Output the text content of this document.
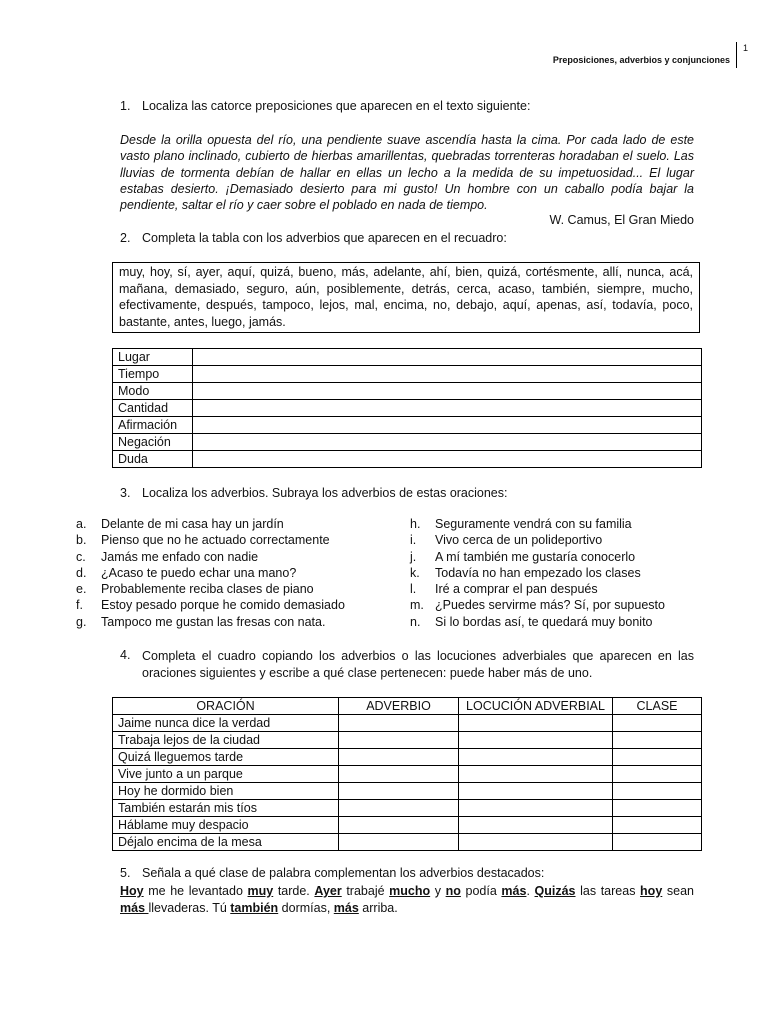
Preposiciones, adverbios y conjunciones
1
1. Localiza las catorce preposiciones que aparecen en el texto siguiente:

Desde la orilla opuesta del río, una pendiente suave ascendía hasta la cima. Por cada lado de este vasto plano inclinado, cubierto de hierbas amarillentas, quebradas torrenteras horadaban el suelo. Las lluvias de tormenta debían de hallar en ellas un lecho a la medida de su impetuosidad... El lugar estabas desierto. ¡Demasiado desierto para mi gusto! Un hombre con un caballo podía bajar la pendiente, saltar el río y caer sobre el poblado en nada de tiempo.

W. Camus, El Gran Miedo
2. Completa la tabla con los adverbios que aparecen en el recuadro:
muy, hoy, sí, ayer, aquí, quizá, bueno, más, adelante, ahí, bien, quizá, cortésmente, allí, nunca, acá, mañana, demasiado, seguro, aún, posiblemente, detrás, cerca, acaso, también, siempre, mucho, efectivamente, después, tampoco, lejos, mal, encima, no, debajo, aquí, apenas, así, todavía, poco, bastante, antes, luego, jamás.
Lugar	
Tiempo	
Modo	
Cantidad	
Afirmación	
Negación	
Duda	
3. Localiza los adverbios. Subraya los adverbios de estas oraciones:
a. Delante de mi casa hay un jardín
b. Pienso que no he actuado correctamente
c. Jamás me enfado con nadie
d. ¿Acaso te puedo echar una mano?
e. Probablemente reciba clases de piano
f. Estoy pesado porque he comido demasiado
g. Tampoco me gustan las fresas con nata.
h. Seguramente vendrá con su familia
i. Vivo cerca de un polideportivo
j. A mí también me gustaría conocerlo
k. Todavía no han empezado los clases
l. Iré a comprar el pan después
m. ¿Puedes servirme más? Sí, por supuesto
n. Si lo bordas así, te quedará muy bonito
4. Completa el cuadro copiando los adverbios o las locuciones adverbiales que aparecen en las oraciones siguientes y escribe a qué clase pertenecen: puede haber más de uno.
ORACIÓN	ADVERBIO	LOCUCIÓN ADVERBIAL	CLASE
Jaime nunca dice la verdad			
Trabaja lejos de la ciudad			
Quizá lleguemos tarde			
Vive junto a un parque			
Hoy he dormido bien			
También estarán mis tíos			
Háblame muy despacio			
Déjalo encima de la mesa			
5. Señala a qué clase de palabra complementan los adverbios destacados:
Hoy me he levantado muy tarde. Ayer trabajé mucho y no podía más. Quizás las tareas hoy sean más llevaderas. Tú también dormías, más arriba.
